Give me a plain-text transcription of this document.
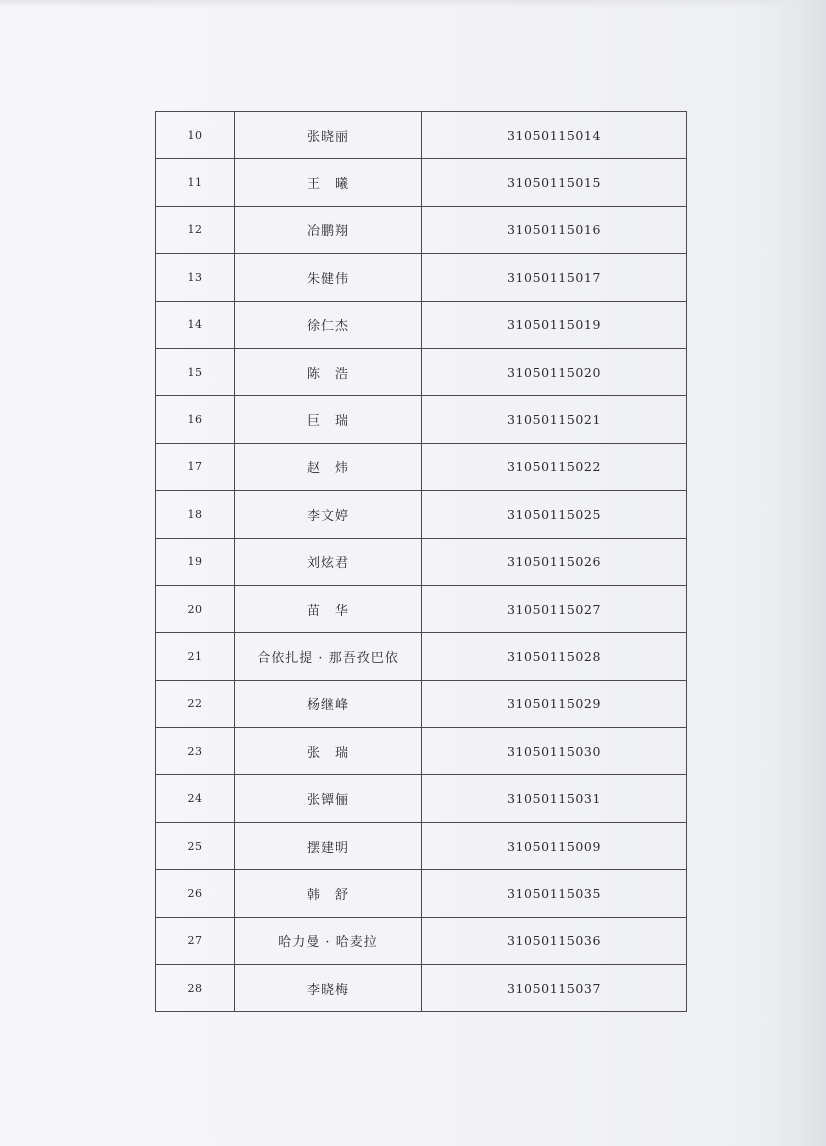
10	张晓丽	31050115014
11	王　曦	31050115015
12	冶鹏翔	31050115016
13	朱健伟	31050115017
14	徐仁杰	31050115019
15	陈　浩	31050115020
16	巨　瑞	31050115021
17	赵　炜	31050115022
18	李文婷	31050115025
19	刘炫君	31050115026
20	苗　华	31050115027
21	合依扎提 · 那吾孜巴依	31050115028
22	杨继峰	31050115029
23	张　瑞	31050115030
24	张镡俪	31050115031
25	摆建明	31050115009
26	韩　舒	31050115035
27	哈力曼 · 哈麦拉	31050115036
28	李晓梅	31050115037
